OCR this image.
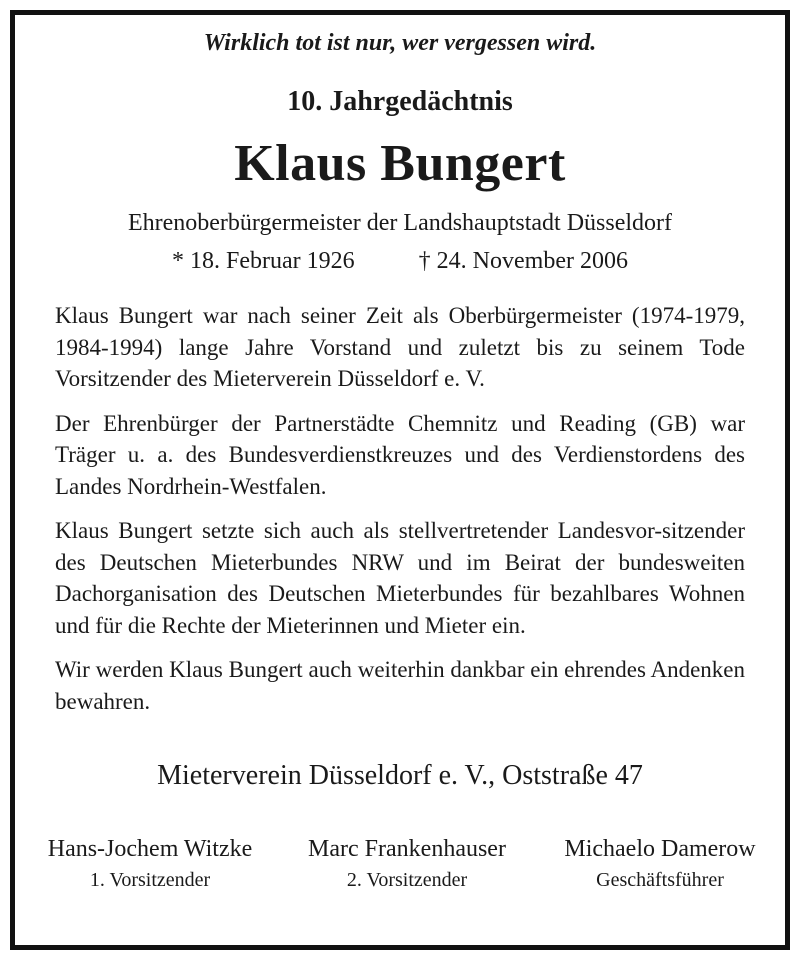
Wirklich tot ist nur, wer vergessen wird.
10. Jahrgedächtnis
Klaus Bungert
Ehrenoberbürgermeister der Landshauptstadt Düsseldorf
* 18. Februar 1926	† 24. November 2006

Klaus Bungert war nach seiner Zeit als Oberbürgermeister (1974-1979, 1984-1994) lange Jahre Vorstand und zuletzt bis zu seinem Tode Vorsitzender des Mieterverein Düsseldorf e. V.

Der Ehrenbürger der Partnerstädte Chemnitz und Reading (GB) war Träger u. a. des Bundesverdienstkreuzes und des Verdienstordens des Landes Nordrhein-Westfalen.

Klaus Bungert setzte sich auch als stellvertretender Landesvor-sitzender des Deutschen Mieterbundes NRW und im Beirat der bundesweiten Dachorganisation des Deutschen Mieterbundes für bezahlbares Wohnen und für die Rechte der Mieterinnen und Mieter ein.

Wir werden Klaus Bungert auch weiterhin dankbar ein ehrendes Andenken bewahren.

Mieterverein Düsseldorf e. V., Oststraße 47
Hans-Jochem Witzke
1. Vorsitzender
Marc Frankenhauser
2. Vorsitzender
Michaelo Damerow
Geschäftsführer
